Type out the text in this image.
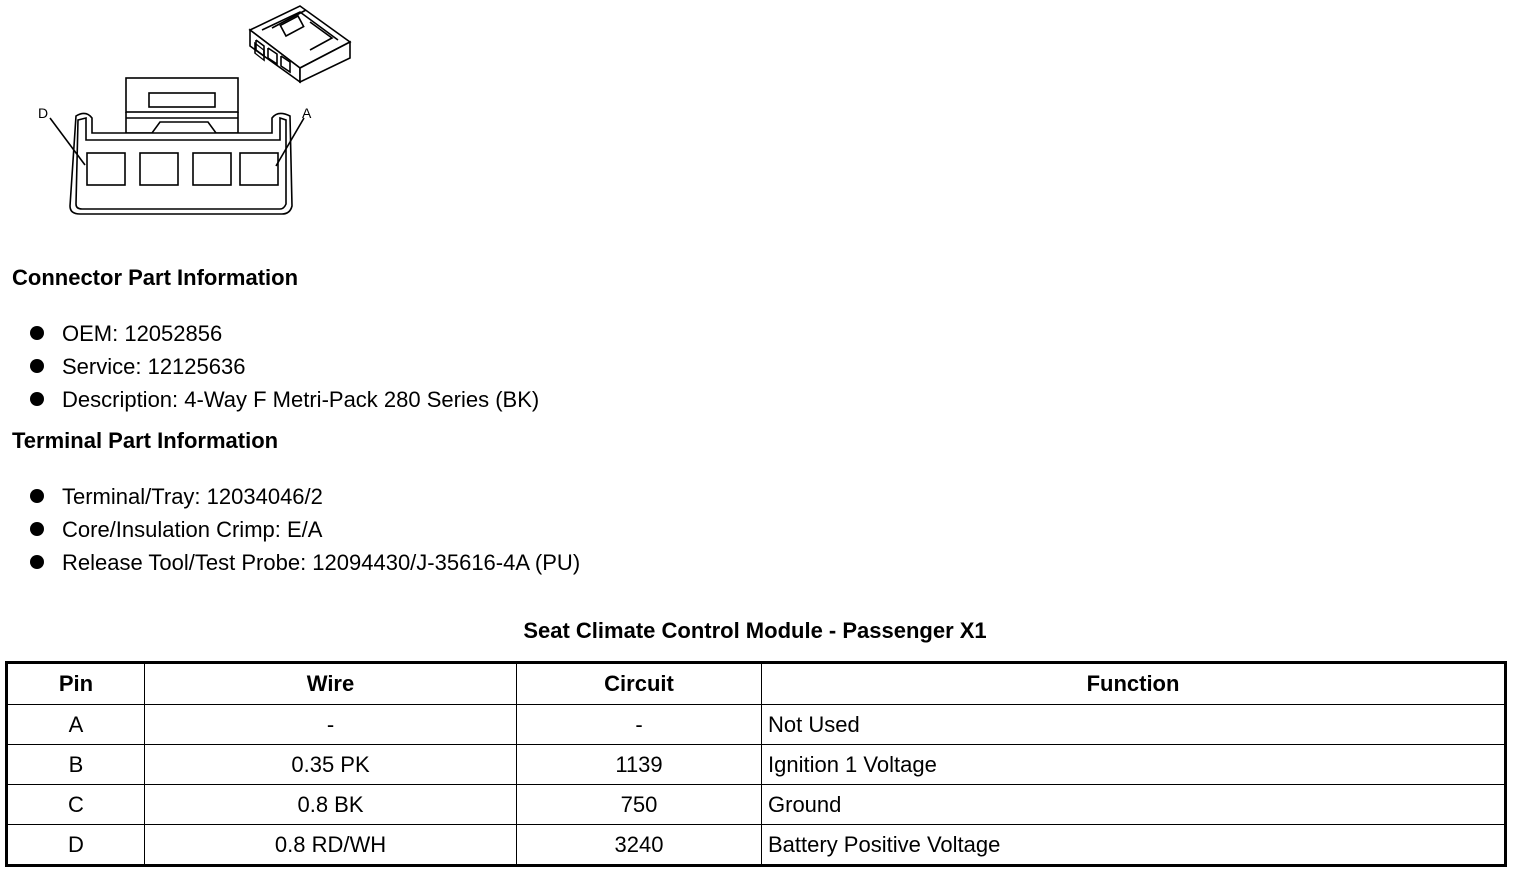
D	A
Connector Part Information
OEM: 12052856
Service: 12125636
Description: 4-Way F Metri-Pack 280 Series (BK)
Terminal Part Information
Terminal/Tray: 12034046/2
Core/Insulation Crimp: E/A
Release Tool/Test Probe: 12094430/J-35616-4A (PU)
Seat Climate Control Module - Passenger X1
Pin	Wire	Circuit	Function
A	-	-	Not Used
B	0.35 PK	1139	Ignition 1 Voltage
C	0.8 BK	750	Ground
D	0.8 RD/WH	3240	Battery Positive Voltage
